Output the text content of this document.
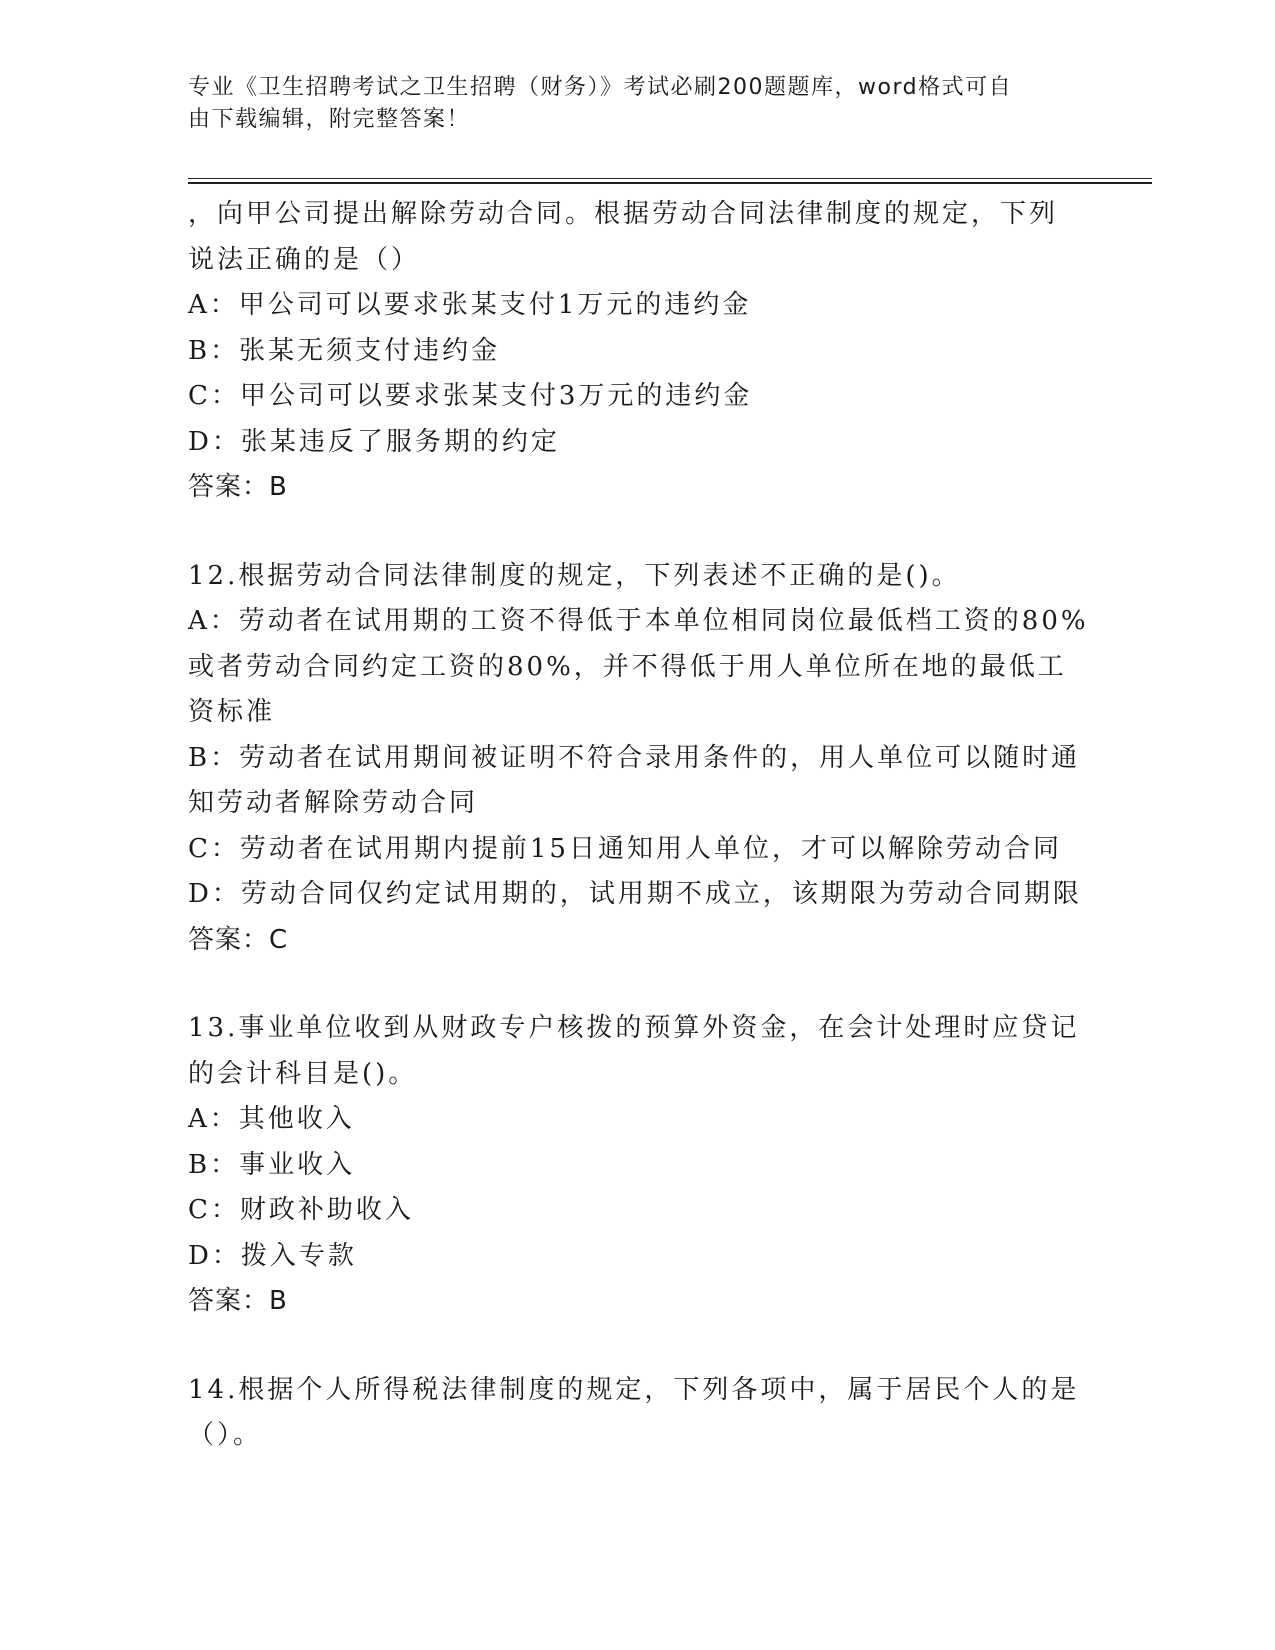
专业《卫生招聘考试之卫生招聘（财务）》考试必刷200题题库，word格式可自
由下载编辑，附完整答案！
，向甲公司提出解除劳动合同。根据劳动合同法律制度的规定，下列
说法正确的是（）
A：甲公司可以要求张某支付1万元的违约金
B：张某无须支付违约金
C：甲公司可以要求张某支付3万元的违约金
D：张某违反了服务期的约定
答案：B
12.根据劳动合同法律制度的规定，下列表述不正确的是()。
A：劳动者在试用期的工资不得低于本单位相同岗位最低档工资的80%
或者劳动合同约定工资的80%，并不得低于用人单位所在地的最低工
资标准
B：劳动者在试用期间被证明不符合录用条件的，用人单位可以随时通
知劳动者解除劳动合同
C：劳动者在试用期内提前15日通知用人单位，才可以解除劳动合同
D：劳动合同仅约定试用期的，试用期不成立，该期限为劳动合同期限
答案：C
13.事业单位收到从财政专户核拨的预算外资金，在会计处理时应贷记
的会计科目是()。
A：其他收入
B：事业收入
C：财政补助收入
D：拨入专款
答案：B
14.根据个人所得税法律制度的规定，下列各项中，属于居民个人的是
（）。
